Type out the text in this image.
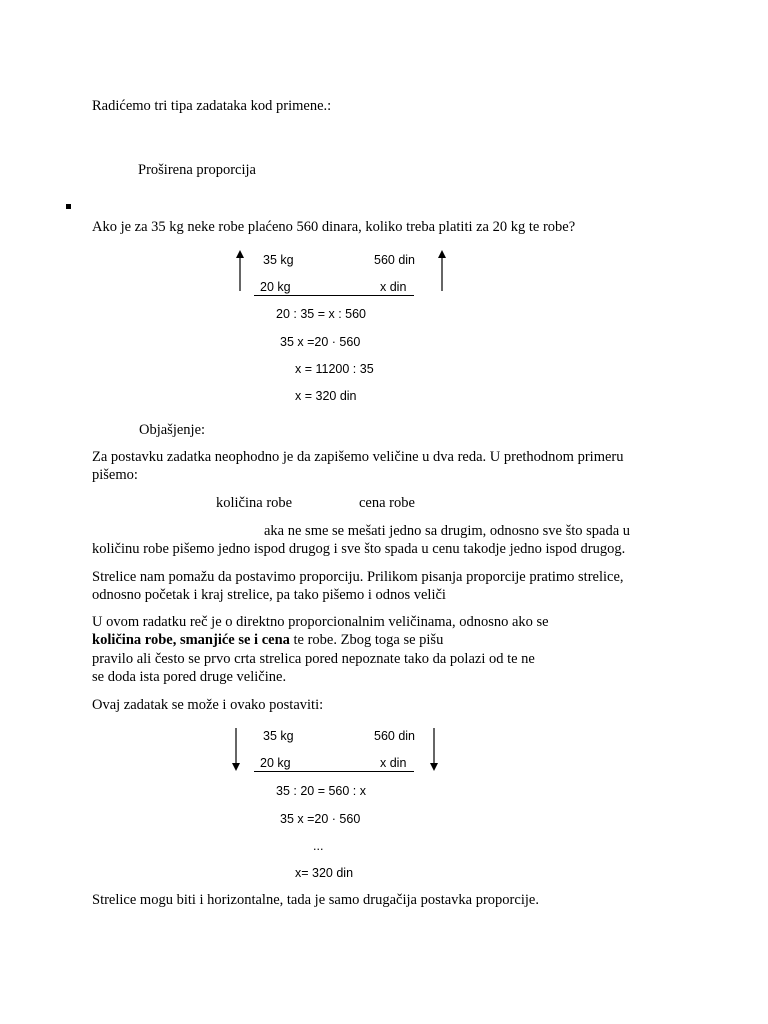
Radićemo tri tipa zadataka kod primene.:
Proširena proporcija
Ako je za 35 kg neke robe plaćeno 560 dinara, koliko treba platiti za 20 kg te robe?
35 kg	560 din
20 kg	x din
20 : 35 = x : 560
35 x =20 · 560
x = 11200 : 35
x = 320 din
Objašjenje:
Za postavku zadatka neophodno je da zapišemo veličine u dva reda. U prethodnom primeru
pišemo:
količina robe	cena robe
aka ne sme se mešati jedno sa drugim, odnosno sve što spada u
količinu robe pišemo jedno ispod drugog i sve što spada u cenu takodje jedno ispod drugog.
Strelice nam pomažu da postavimo proporciju. Prilikom pisanja proporcije pratimo strelice,
odnosno početak i kraj strelice, pa tako pišemo i odnos veliči
U ovom radatku reč je o direktno proporcionalnim veličinama, odnosno ako se
količina robe, smanjiće se i cena te robe. Zbog toga se pišu
pravilo ali često se prvo crta strelica pored nepoznate tako da polazi od te ne
se doda ista pored druge veličine.
Ovaj zadatak se može i ovako postaviti:
35 kg	560 din
20 kg	x din
35 : 20 = 560 : x
35 x =20 · 560
...
x= 320 din
Strelice mogu biti i horizontalne, tada je samo drugačija postavka proporcije.
